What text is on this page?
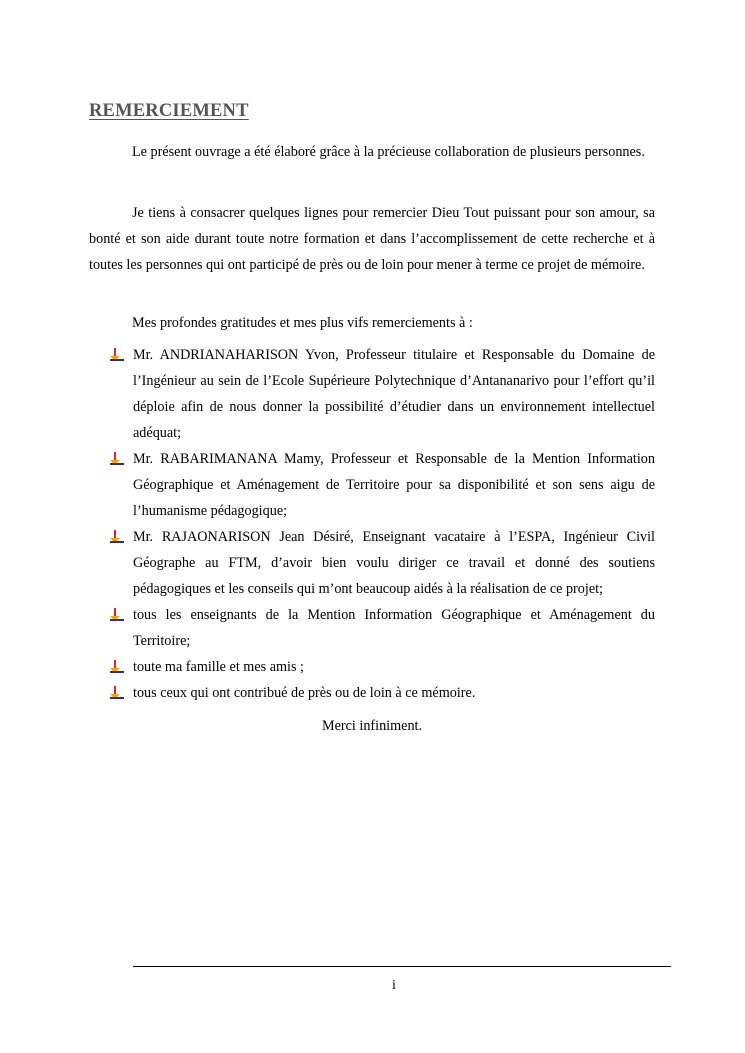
REMERCIEMENT

Le présent ouvrage a été élaboré grâce à la précieuse collaboration de plusieurs personnes.

Je tiens à consacrer quelques lignes pour remercier Dieu Tout puissant pour son amour, sa bonté et son aide durant toute notre formation et dans l’accomplissement de cette recherche et à toutes les personnes qui ont participé de près ou de loin pour mener à terme ce projet de mémoire.

Mes profondes gratitudes et mes plus vifs remerciements à :

Mr. ANDRIANAHARISON Yvon, Professeur titulaire et Responsable du Domaine de l’Ingénieur au sein de l’Ecole Supérieure Polytechnique d’Antananarivo pour l’effort qu’il déploie afin de nous donner la possibilité d’étudier dans un environnement intellectuel adéquat;
Mr. RABARIMANANA Mamy, Professeur et Responsable de la Mention Information Géographique et Aménagement de Territoire pour sa disponibilité et son sens aigu de l’humanisme pédagogique;
Mr. RAJAONARISON Jean Désiré, Enseignant vacataire à l’ESPA, Ingénieur Civil Géographe au FTM, d’avoir bien voulu diriger ce travail et donné des soutiens pédagogiques et les conseils qui m’ont beaucoup aidés à la réalisation de ce projet;
tous les enseignants de la Mention Information Géographique et Aménagement du Territoire;
toute ma famille et mes amis ;
tous ceux qui ont contribué de près ou de loin à ce mémoire.
Merci infiniment.
i
